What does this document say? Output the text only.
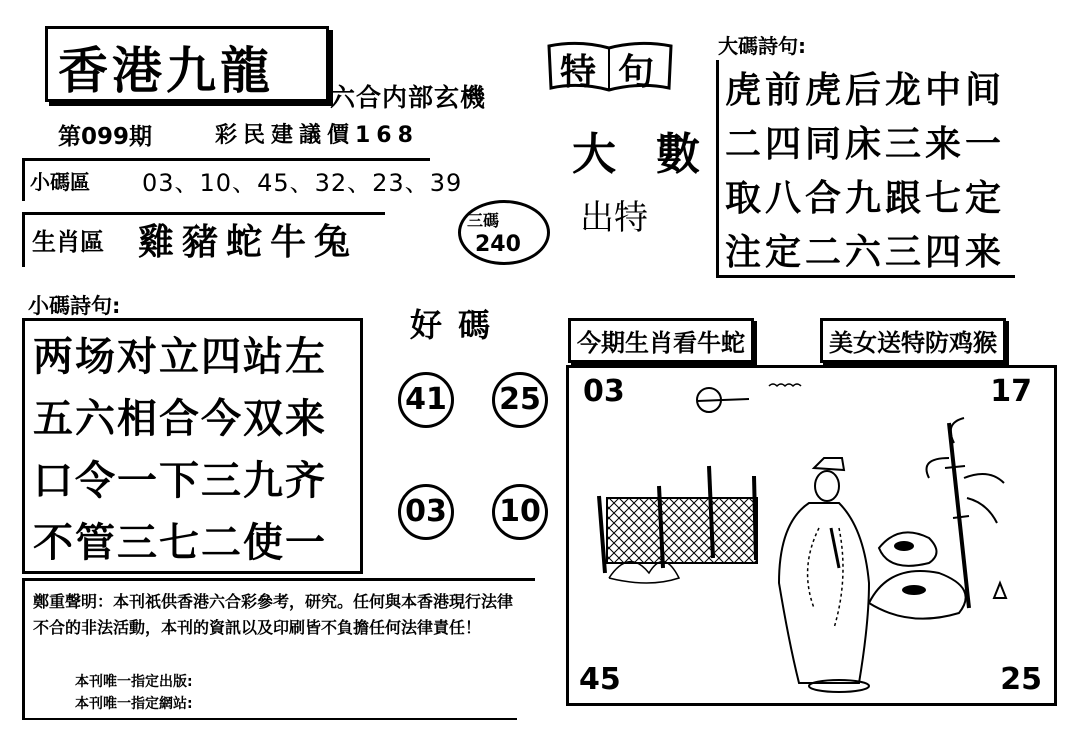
香港九龍 六合内部玄機
第099期	彩民建議價168
小碼區 03、10、45、32、23、39
生肖區 雞豬蛇牛兔
小碼詩句:
两场对立四站左
五六相合今双来
口令一下三九齐
不管三七二使一
特句
大數
出特
三碼
240
大碼詩句:
虎前虎后龙中间
二四同床三来一
取八合九跟七定
注定二六三四来
好碼
41 25
03 10
今期生肖看牛蛇	美女送特防鸡猴
03	17
45	25
鄭重聲明：本刊祇供香港六合彩參考，研究。任何與本香港現行法律不合的非法活動，本刊的資訊以及印刷皆不負擔任何法律責任！
本刊唯一指定出版:
本刊唯一指定網站:
